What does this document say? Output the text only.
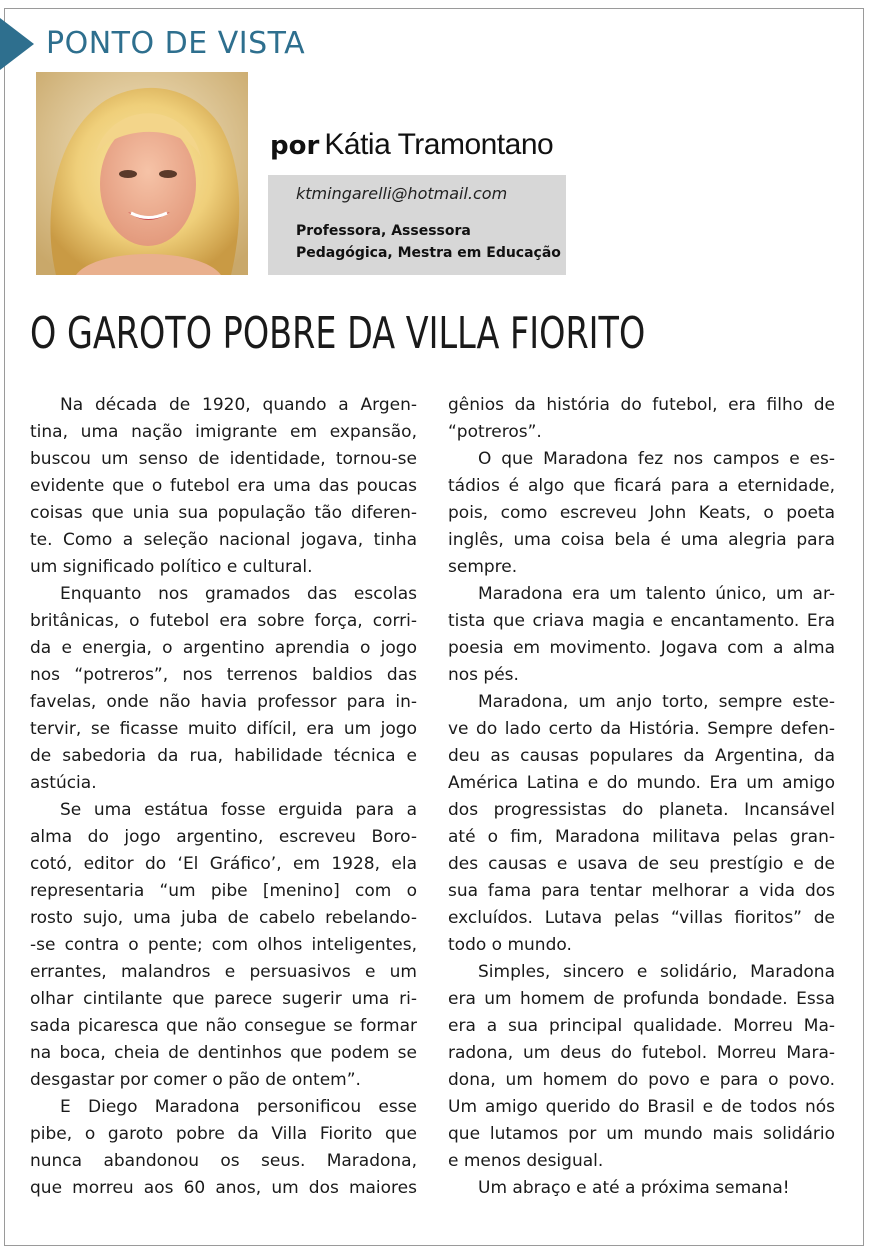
PONTO DE VISTA
por Kátia Tramontano
ktmingarelli@hotmail.com
Professora, Assessora
Pedagógica, Mestra em Educação
O GAROTO POBRE DA VILLA FIORITO

Na década de 1920, quando a Argen-
tina, uma nação imigrante em expansão,
buscou um senso de identidade, tornou-se
evidente que o futebol era uma das poucas
coisas que unia sua população tão diferen-
te. Como a seleção nacional jogava, tinha
um significado político e cultural.

Enquanto nos gramados das escolas
britânicas, o futebol era sobre força, corri-
da e energia, o argentino aprendia o jogo
nos “potreros”, nos terrenos baldios das
favelas, onde não havia professor para in-
tervir, se ficasse muito difícil, era um jogo
de sabedoria da rua, habilidade técnica e
astúcia.

Se uma estátua fosse erguida para a
alma do jogo argentino, escreveu Boro-
cotó, editor do ‘El Gráfico’, em 1928, ela
representaria “um pibe [menino] com o
rosto sujo, uma juba de cabelo rebelando-
-se contra o pente; com olhos inteligentes,
errantes, malandros e persuasivos e um
olhar cintilante que parece sugerir uma ri-
sada picaresca que não consegue se formar
na boca, cheia de dentinhos que podem se
desgastar por comer o pão de ontem”.

E Diego Maradona personificou esse
pibe, o garoto pobre da Villa Fiorito que
nunca abandonou os seus. Maradona,
que morreu aos 60 anos, um dos maiores

gênios da história do futebol, era filho de
“potreros”.

O que Maradona fez nos campos e es-
tádios é algo que ficará para a eternidade,
pois, como escreveu John Keats, o poeta
inglês, uma coisa bela é uma alegria para
sempre.

Maradona era um talento único, um ar-
tista que criava magia e encantamento. Era
poesia em movimento. Jogava com a alma
nos pés.

Maradona, um anjo torto, sempre este-
ve do lado certo da História. Sempre defen-
deu as causas populares da Argentina, da
América Latina e do mundo. Era um amigo
dos progressistas do planeta. Incansável
até o fim, Maradona militava pelas gran-
des causas e usava de seu prestígio e de
sua fama para tentar melhorar a vida dos
excluídos. Lutava pelas “villas fioritos” de
todo o mundo.

Simples, sincero e solidário, Maradona
era um homem de profunda bondade. Essa
era a sua principal qualidade. Morreu Ma-
radona, um deus do futebol. Morreu Mara-
dona, um homem do povo e para o povo.
Um amigo querido do Brasil e de todos nós
que lutamos por um mundo mais solidário
e menos desigual.

Um abraço e até a próxima semana!
